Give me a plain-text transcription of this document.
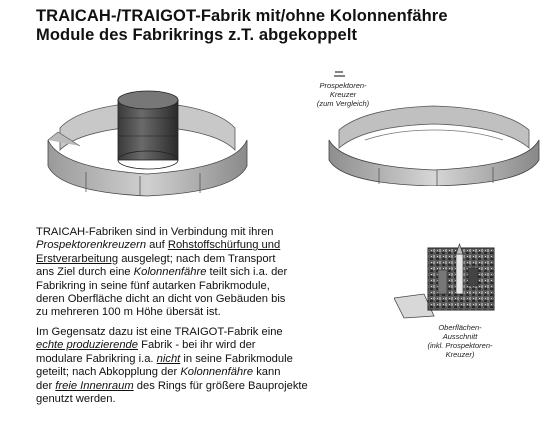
TRAICAH-/TRAIGOT-Fabrik mit/ohne Kolonnenfähre
Module des Fabrikrings z.T. abgekoppelt
Prospektoren-
Kreuzer
(zum Vergleich)
Oberflächen-
Ausschnitt
(inkl. Prospektoren-
Kreuzer)

TRAICAH-Fabriken sind in Verbindung mit ihren

Prospektorenkreuzern auf Rohstoffschürfung und

Erstverarbeitung ausgelegt; nach dem Transport

ans Ziel durch eine Kolonnenfähre teilt sich i.a. der

Fabrikring in seine fünf autarken Fabrikmodule,

deren Oberfläche dicht an dicht von Gebäuden bis

zu mehreren 100 m Höhe übersät ist.

Im Gegensatz dazu ist eine TRAIGOT-Fabrik eine

echte produzierende Fabrik - bei ihr wird der

modulare Fabrikring i.a. nicht in seine Fabrikmodule

geteilt; nach Abkopplung der Kolonnenfähre kann

der freie Innenraum des Rings für größere Bauprojekte

genutzt werden.
